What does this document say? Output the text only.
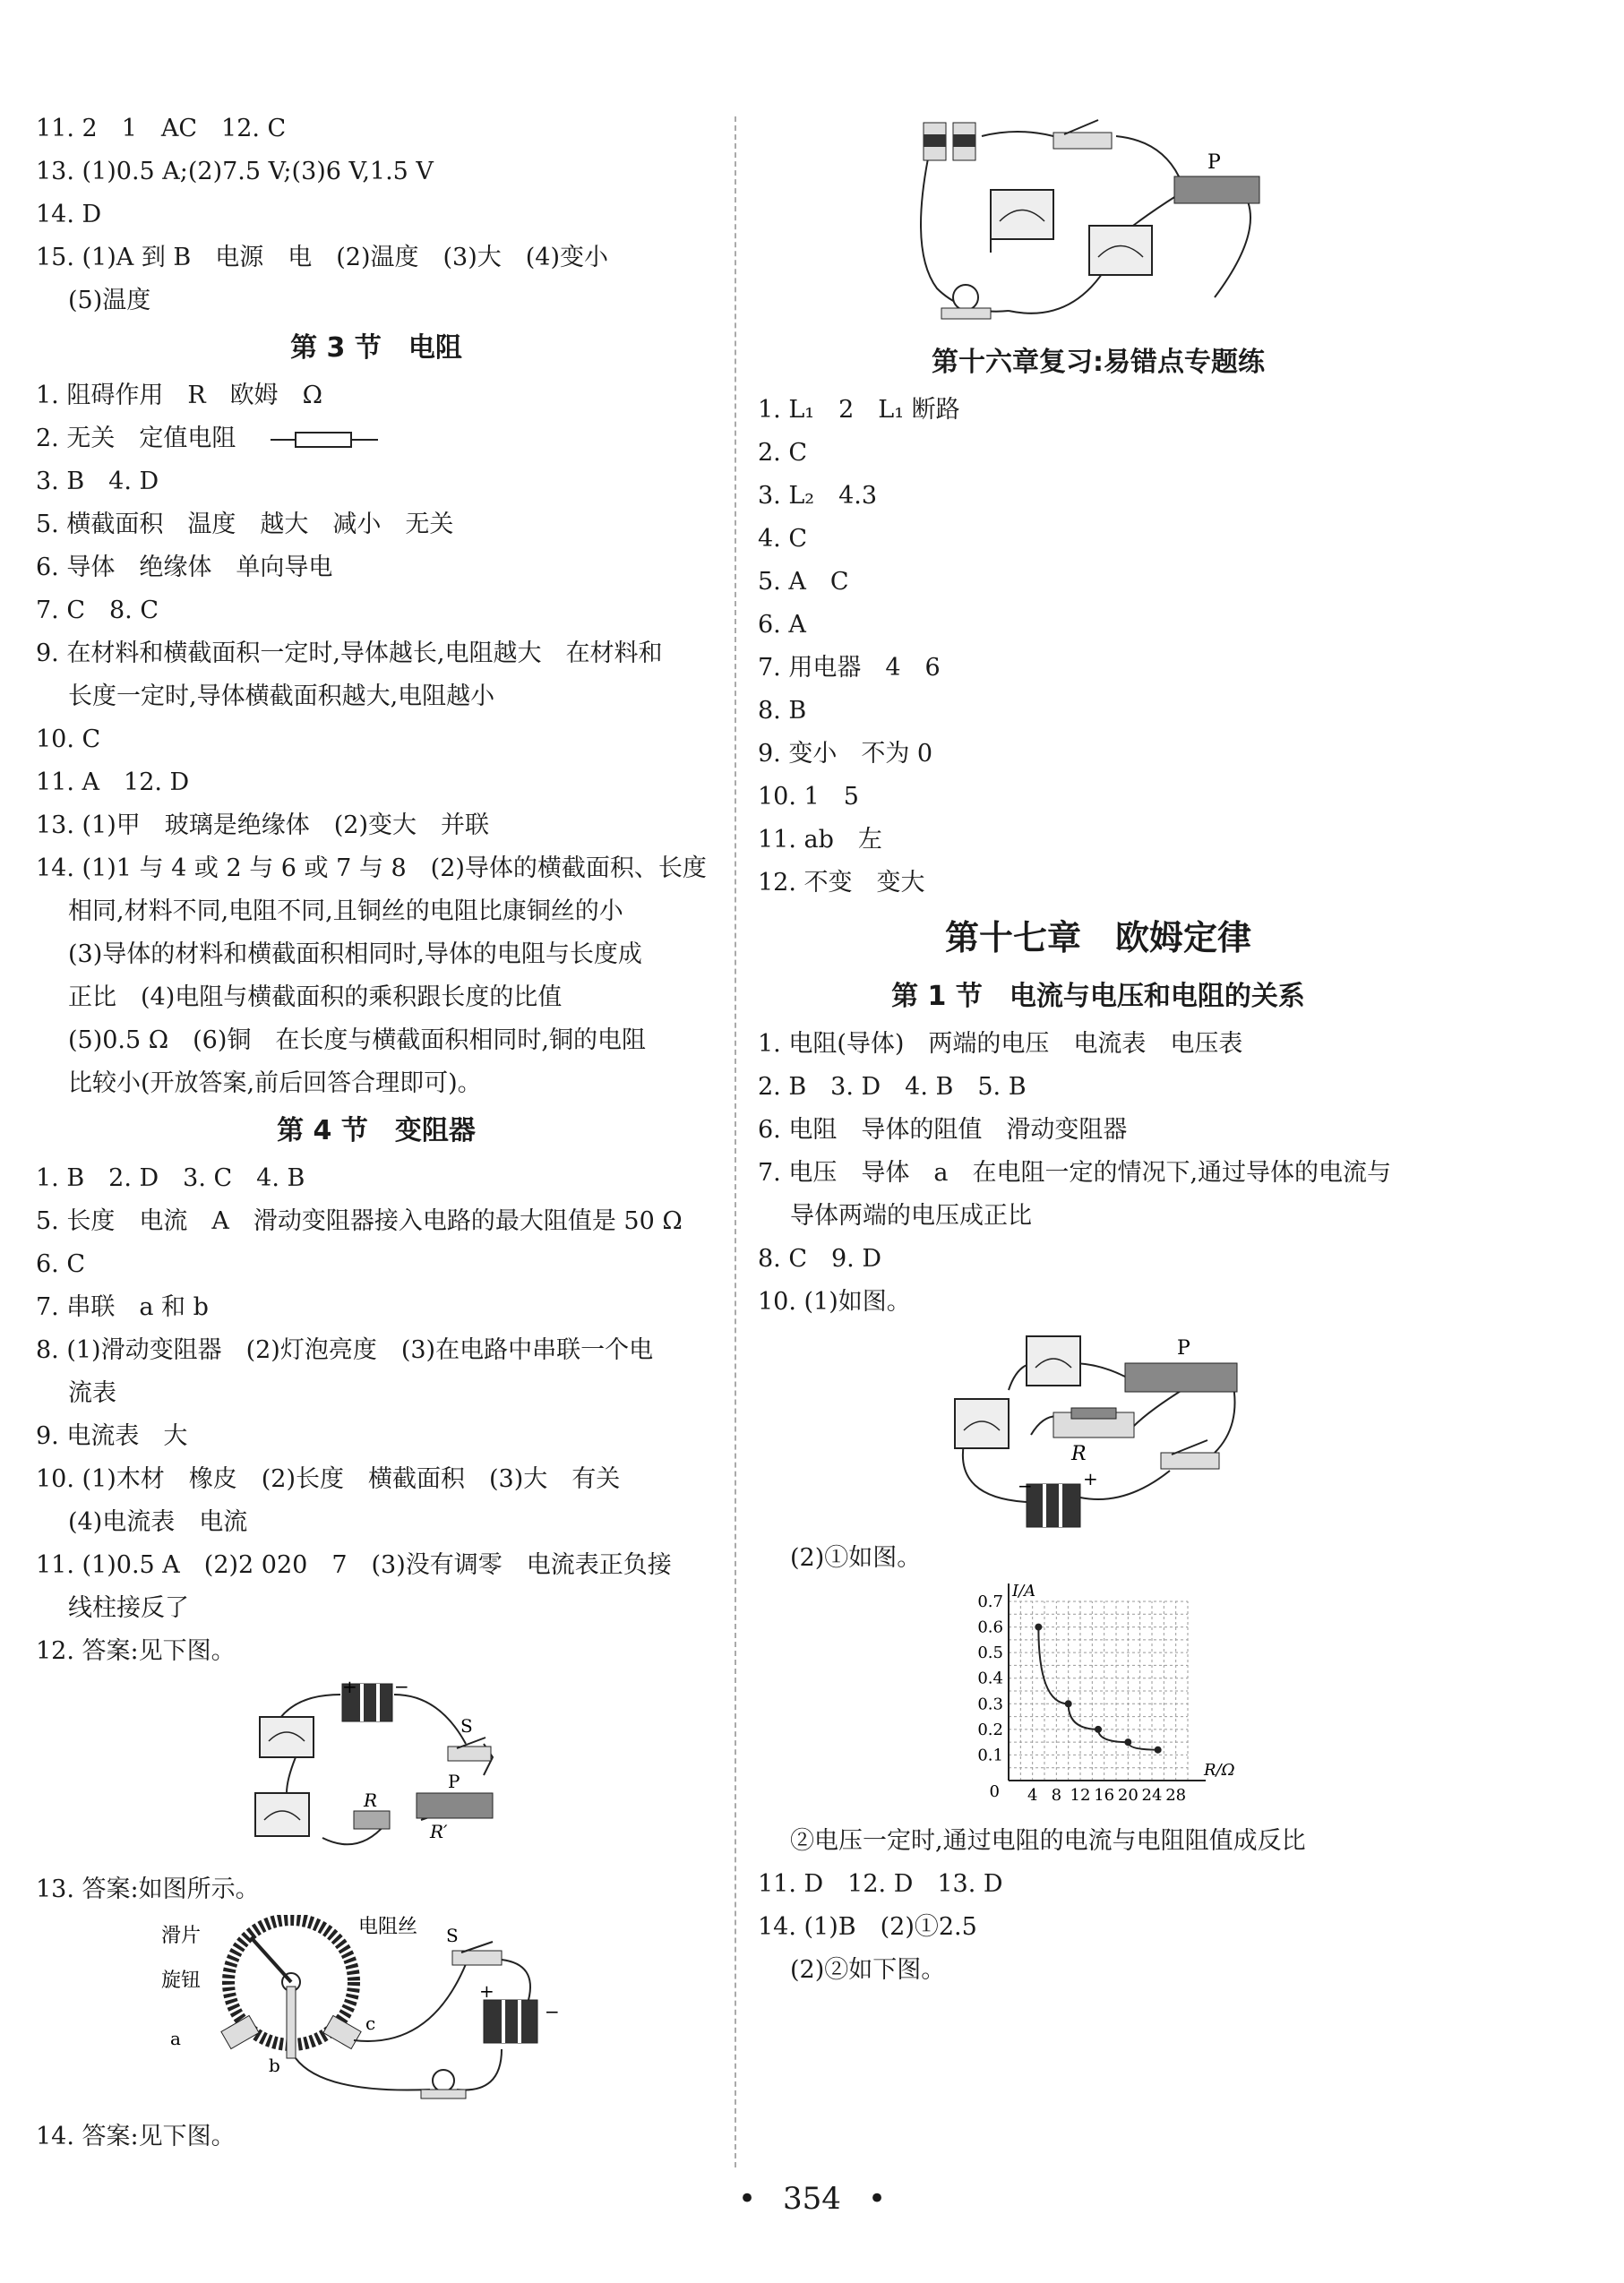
11. 2　1　AC　12. C
13. (1)0.5 A;(2)7.5 V;(3)6 V,1.5 V
14. D
15. (1)A 到 B　电源　电　(2)温度　(3)大　(4)变小
(5)温度
第 3 节　电阻
1. 阻碍作用　R　欧姆　Ω
2. 无关　定值电阻
3. B　4. D
5. 横截面积　温度　越大　减小　无关
6. 导体　绝缘体　单向导电
7. C　8. C
9. 在材料和横截面积一定时,导体越长,电阻越大　在材料和
长度一定时,导体横截面积越大,电阻越小
10. C
11. A　12. D
13. (1)甲　玻璃是绝缘体　(2)变大　并联
14. (1)1 与 4 或 2 与 6 或 7 与 8　(2)导体的横截面积、长度
相同,材料不同,电阻不同,且铜丝的电阻比康铜丝的小
(3)导体的材料和横截面积相同时,导体的电阻与长度成
正比　(4)电阻与横截面积的乘积跟长度的比值
(5)0.5 Ω　(6)铜　在长度与横截面积相同时,铜的电阻
比较小(开放答案,前后回答合理即可)。
第 4 节　变阻器
1. B　2. D　3. C　4. B
5. 长度　电流　A　滑动变阻器接入电路的最大阻值是 50 Ω
6. C
7. 串联　a 和 b
8. (1)滑动变阻器　(2)灯泡亮度　(3)在电路中串联一个电
流表
9. 电流表　大
10. (1)木材　橡皮　(2)长度　横截面积　(3)大　有关
(4)电流表　电流
11. (1)0.5 A　(2)2 020　7　(3)没有调零　电流表正负接
线柱接反了
12. 答案:见下图。
+ −
S
R
P
R′
13. 答案:如图所示。
滑片	电阻丝
旋钮
a
b
c
S
+
−
14. 答案:见下图。
P
第十六章复习:易错点专题练
1. L₁　2　L₁ 断路
2. C
3. L₂　4.3
4. C
5. A　C
6. A
7. 用电器　4　6
8. B
9. 变小　不为 0
10. 1　5
11. ab　左
12. 不变　变大
第十七章　欧姆定律
第 1 节　电流与电压和电阻的关系
1. 电阻(导体)　两端的电压　电流表　电压表
2. B　3. D　4. B　5. B
6. 电阻　导体的阻值　滑动变阻器
7. 电压　导体　a　在电阻一定的情况下,通过导体的电流与
导体两端的电压成正比
8. C　9. D
10. (1)如图。
P
R
+
−
(2)①如图。
4 8 12 16 20 24 28
0.1
0.2
0.3
0.4
0.5
0.6
0.7
0
R/Ω
I/A
②电压一定时,通过电阻的电流与电阻阻值成反比
11. D　12. D　13. D
14. (1)B　(2)①2.5
(2)②如下图。
• 354 •
